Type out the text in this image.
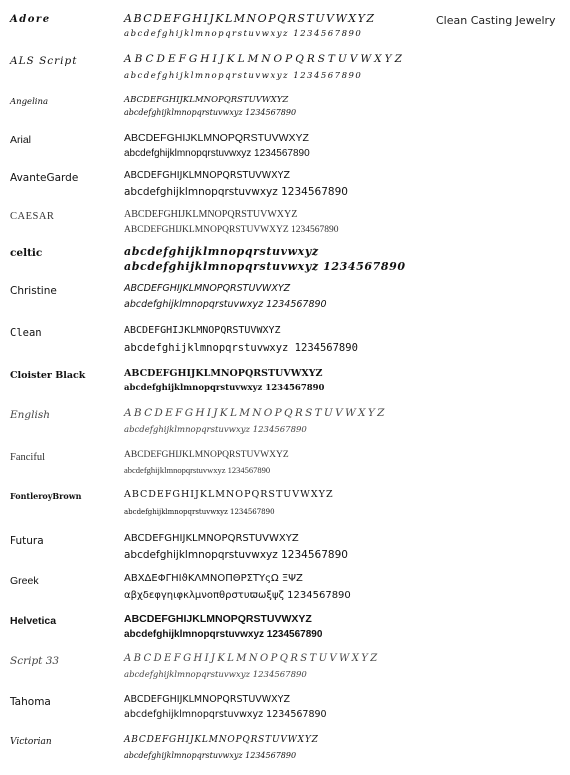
Clean Casting Jewelry
Adore	ABCDEFGHIJKLMNOPQRSTUVWXYZ
abcdefghijklmnopqrstuvwxyz 1234567890
ALS Script	ABCDEFGHIJKLMNOPQRSTUVWXYZ
abcdefghijklmnopqrstuvwxyz 1234567890
Angelina	ABCDEFGHIJKLMNOPQRSTUVWXYZ
abcdefghijklmnopqrstuvwxyz 1234567890
Arial	ABCDEFGHIJKLMNOPQRSTUVWXYZ
abcdefghijklmnopqrstuvwxyz 1234567890
AvanteGarde	ABCDEFGHIJKLMNOPQRSTUVWXYZ
abcdefghijklmnopqrstuvwxyz 1234567890
CAESAR	ABCDEFGHIJKLMNOPQRSTUVWXYZ
ABCDEFGHIJKLMNOPQRSTUVWXYZ 1234567890
celtic	abcdefghijklmnopqrstuvwxyz
abcdefghijklmnopqrstuvwxyz 1234567890
Christine	ABCDEFGHIJKLMNOPQRSTUVWXYZ
abcdefghijklmnopqrstuvwxyz 1234567890
Clean	ABCDEFGHIJKLMNOPQRSTUVWXYZ
abcdefghijklmnopqrstuvwxyz 1234567890
Cloister Black	ABCDEFGHIJKLMNOPQRSTUVWXYZ
abcdefghijklmnopqrstuvwxyz 1234567890
English	ABCDEFGHIJKLMNOPQRSTUVWXYZ
abcdefghijklmnopqrstuvwxyz 1234567890
Fanciful	ABCDEFGHIJKLMNOPQRSTUVWXYZ
abcdefghijklmnopqrstuvwxyz 1234567890
FontleroyBrown	ABCDEFGHIJKLMNOPQRSTUVWXYZ
abcdefghijklmnopqrstuvwxyz 1234567890
Futura	ABCDEFGHIJKLMNOPQRSTUVWXYZ
abcdefghijklmnopqrstuvwxyz 1234567890
Greek	ΑΒΧΔΕΦΓΗΙϑΚΛΜΝΟΠΘΡΣΤΥςΩ ΞΨΖ
αβχδεφγηιφκλμνοπθρστυϖωξψζ 1234567890
Helvetica	ABCDEFGHIJKLMNOPQRSTUVWXYZ
abcdefghijklmnopqrstuvwxyz 1234567890
Script 33	ABCDEFGHIJKLMNOPQRSTUVWXYZ
abcdefghijklmnopqrstuvwxyz 1234567890
Tahoma	ABCDEFGHIJKLMNOPQRSTUVWXYZ
abcdefghijklmnopqrstuvwxyz 1234567890
Victorian	ABCDEFGHIJKLMNOPQRSTUVWXYZ
abcdefghijklmnopqrstuvwxyz 1234567890
